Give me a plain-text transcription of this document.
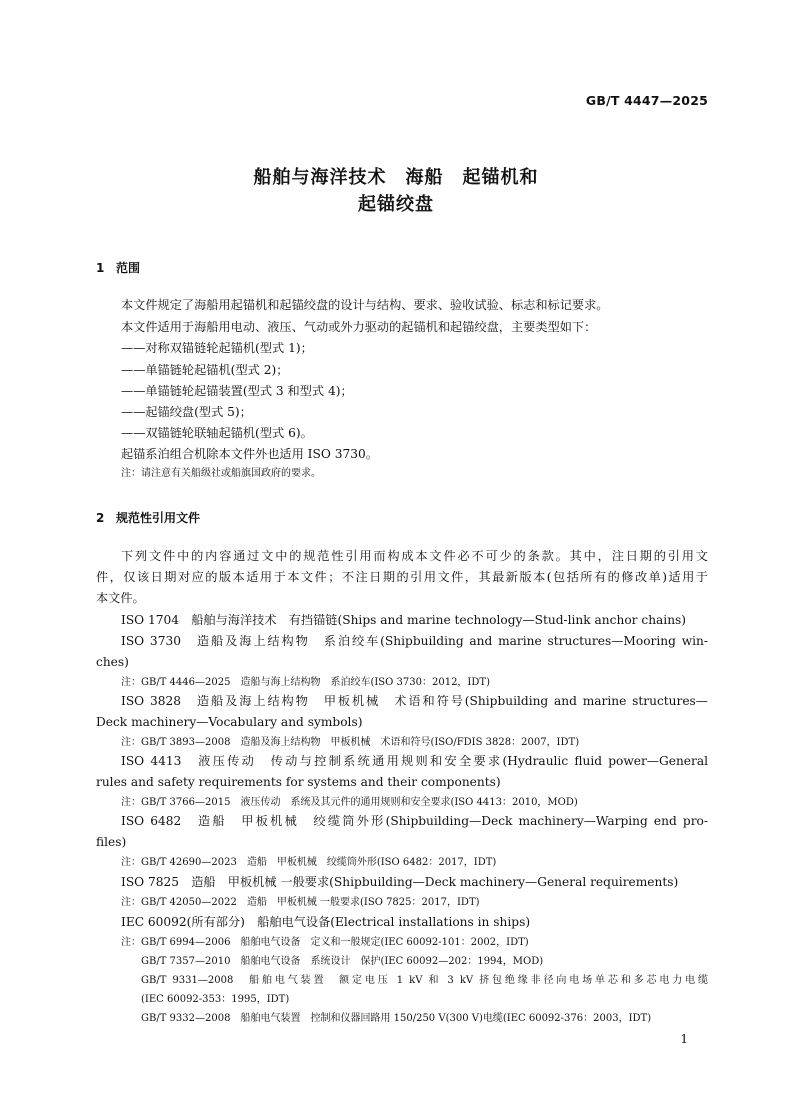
GB/T 4447—2025
船舶与海洋技术　海船　起锚机和
起锚绞盘
1 范围
本文件规定了海船用起锚机和起锚绞盘的设计与结构、要求、验收试验、标志和标记要求。
本文件适用于海船用电动、液压、气动或外力驱动的起锚机和起锚绞盘，主要类型如下：
——对称双锚链轮起锚机(型式 1)；
——单锚链轮起锚机(型式 2)；
——单锚链轮起锚装置(型式 3 和型式 4)；
——起锚绞盘(型式 5)；
——双锚链轮联轴起锚机(型式 6)。
起锚系泊组合机除本文件外也适用 ISO 3730。
注：请注意有关船级社或船旗国政府的要求。
2 规范性引用文件
下列文件中的内容通过文中的规范性引用而构成本文件必不可少的条款。其中，注日期的引用文
件，仅该日期对应的版本适用于本文件；不注日期的引用文件，其最新版本(包括所有的修改单)适用于
本文件。
ISO 1704　船舶与海洋技术　有挡锚链(Ships and marine technology—Stud-link anchor chains)
ISO 3730　造船及海上结构物　系泊绞车(Shipbuilding and marine structures—Mooring win-
ches)
注：GB/T 4446—2025　造船与海上结构物　系泊绞车(ISO 3730：2012，IDT)
ISO 3828　造船及海上结构物　甲板机械　术语和符号(Shipbuilding and marine structures—
Deck machinery—Vocabulary and symbols)
注：GB/T 3893—2008　造船及海上结构物　甲板机械　术语和符号(ISO/FDIS 3828：2007，IDT)
ISO 4413　液压传动　传动与控制系统通用规则和安全要求(Hydraulic fluid power—General
rules and safety requirements for systems and their components)
注：GB/T 3766—2015　液压传动　系统及其元件的通用规则和安全要求(ISO 4413：2010，MOD)
ISO 6482　造船　甲板机械　绞缆筒外形(Shipbuilding—Deck machinery—Warping end pro-
files)
注：GB/T 42690—2023　造船　甲板机械　绞缆筒外形(ISO 6482：2017，IDT)
ISO 7825　造船　甲板机械 一般要求(Shipbuilding—Deck machinery—General requirements)
注：GB/T 42050—2022　造船　甲板机械 一般要求(ISO 7825：2017，IDT)
IEC 60092(所有部分)　船舶电气设备(Electrical installations in ships)
注：GB/T 6994—2006　船舶电气设备　定义和一般规定(IEC 60092-101：2002，IDT)
GB/T 7357—2010　船舶电气设备　系统设计　保护(IEC 60092—202：1994，MOD)
GB/T 9331—2008　船舶电气装置　额定电压 1 kV 和 3 kV 挤包绝缘非径向电场单芯和多芯电力电缆
(IEC 60092-353：1995，IDT)
GB/T 9332—2008　船舶电气装置　控制和仪器回路用 150/250 V(300 V)电缆(IEC 60092-376：2003，IDT)
1
